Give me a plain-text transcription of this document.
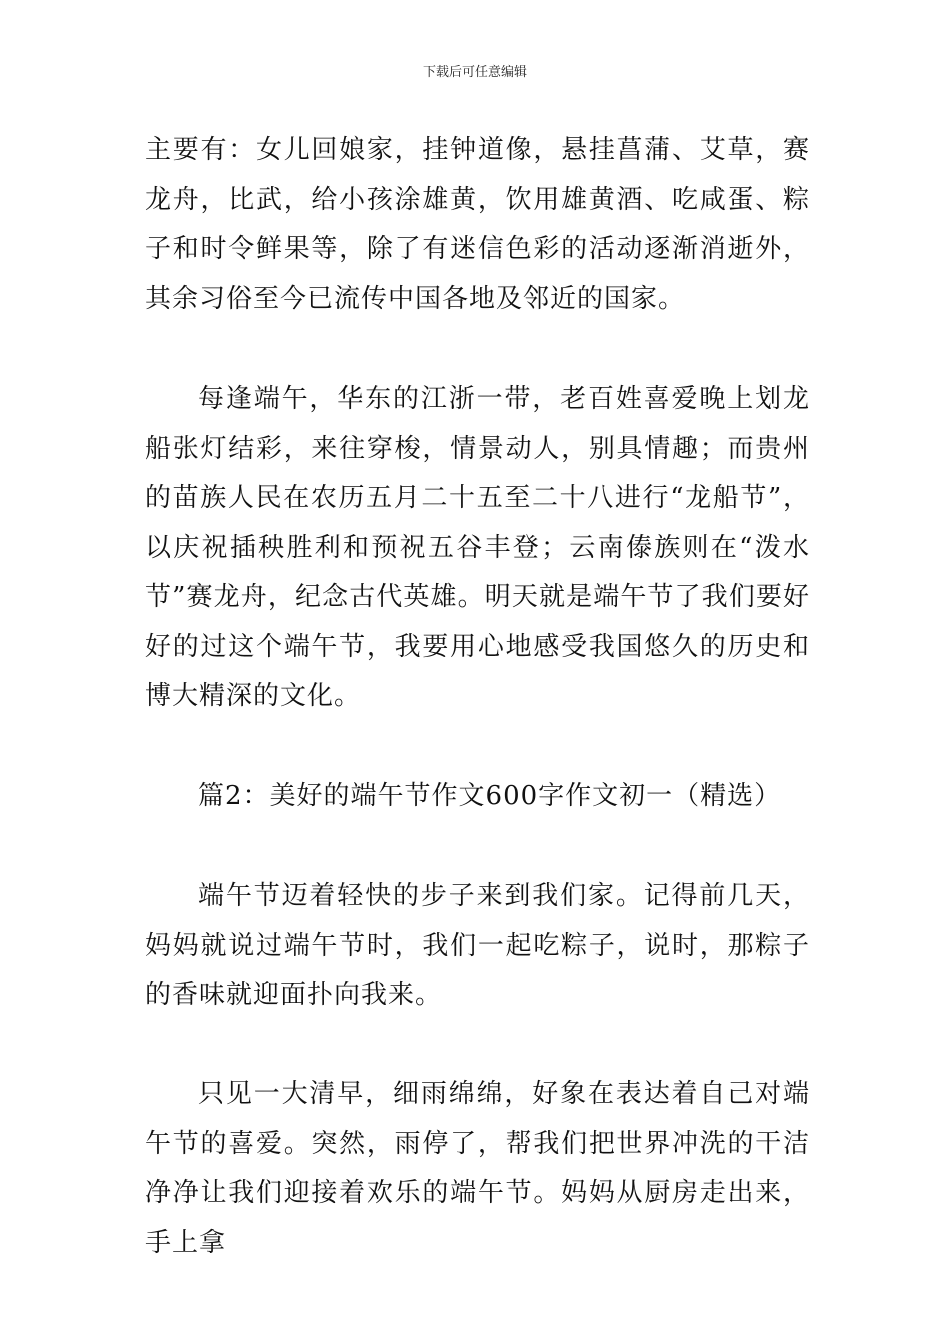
下载后可任意编辑

主要有：女儿回娘家，挂钟道像，悬挂菖蒲、艾草，赛龙舟，比武，给小孩涂雄黄，饮用雄黄酒、吃咸蛋、粽子和时令鲜果等，除了有迷信色彩的活动逐渐消逝外，其余习俗至今已流传中国各地及邻近的国家。

每逢端午，华东的江浙一带，老百姓喜爱晚上划龙船张灯结彩，来往穿梭，情景动人，别具情趣；而贵州的苗族人民在农历五月二十五至二十八进行“龙船节”，以庆祝插秧胜利和预祝五谷丰登；云南傣族则在“泼水节”赛龙舟，纪念古代英雄。明天就是端午节了我们要好好的过这个端午节，我要用心地感受我国悠久的历史和博大精深的文化。

篇2：美好的端午节作文600字作文初一（精选）

端午节迈着轻快的步子来到我们家。记得前几天，妈妈就说过端午节时，我们一起吃粽子，说时，那粽子的香味就迎面扑向我来。

只见一大清早，细雨绵绵，好象在表达着自己对端午节的喜爱。突然，雨停了，帮我们把世界冲洗的干洁净净让我们迎接着欢乐的端午节。妈妈从厨房走出来，手上拿
